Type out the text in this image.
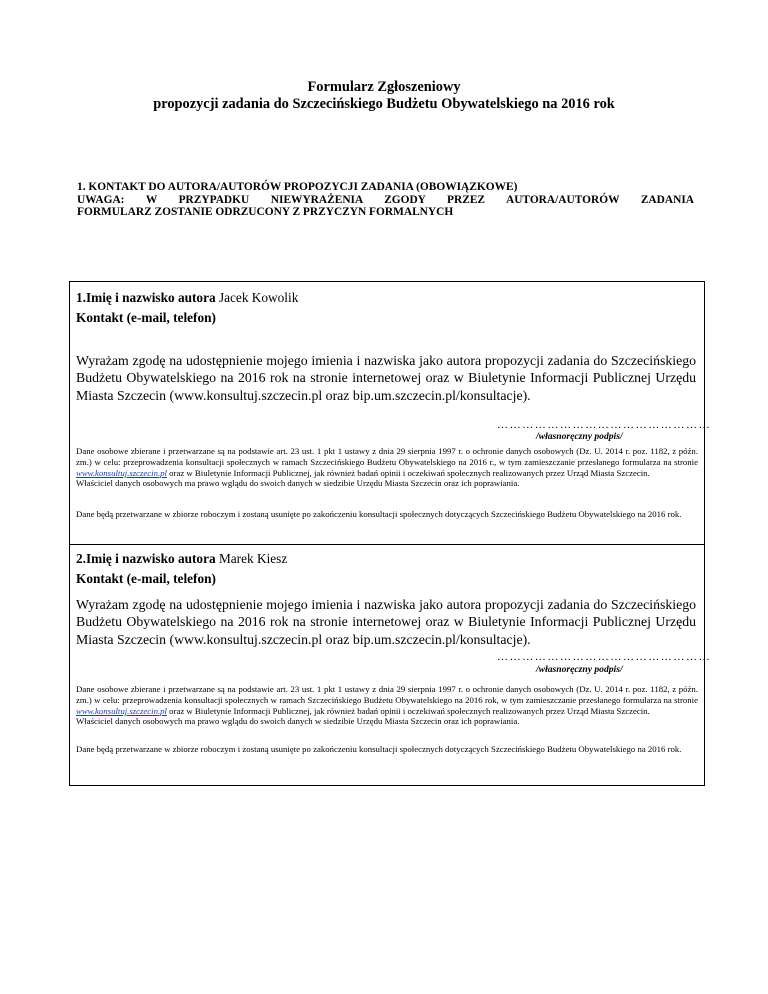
Formularz Zgłoszeniowy
propozycji zadania do Szczecińskiego Budżetu Obywatelskiego na 2016 rok
1. KONTAKT DO AUTORA/AUTORÓW PROPOZYCJI ZADANIA (OBOWIĄZKOWE)
UWAGA: W PRZYPADKU NIEWYRAŻENIA ZGODY PRZEZ AUTORA/AUTORÓW ZADANIA
FORMULARZ ZOSTANIE ODRZUCONY Z PRZYCZYN FORMALNYCH
1.Imię i nazwisko autora Jacek Kowolik
Kontakt (e-mail, telefon)
Wyrażam zgodę na udostępnienie mojego imienia i nazwiska jako autora propozycji zadania do Szczecińskiego Budżetu Obywatelskiego na 2016 rok na stronie internetowej oraz w Biuletynie Informacji Publicznej Urzędu Miasta Szczecin (www.konsultuj.szczecin.pl oraz bip.um.szczecin.pl/konsultacje).
……………………………………………
/własnoręczny podpis/

Dane osobowe zbierane i przetwarzane są na podstawie art. 23 ust. 1 pkt 1 ustawy z dnia 29 sierpnia 1997 r. o ochronie danych osobowych (Dz. U. 2014 r. poz. 1182, z późn. zm.) w celu: przeprowadzenia konsultacji społecznych w ramach Szczecińskiego Budżetu Obywatelskiego na 2016 r., w tym zamieszczanie przesłanego formularza na stronie www.konsultuj.szczecin.pl oraz w Biuletynie Informacji Publicznej, jak również badań opinii i oczekiwań społecznych realizowanych przez Urząd Miasta Szczecin.

Właściciel danych osobowych ma prawo wglądu do swoich danych w siedzibie Urzędu Miasta Szczecin oraz ich poprawiania.

Dane będą przetwarzane w zbiorze roboczym i zostaną usunięte po zakończeniu konsultacji społecznych dotyczących Szczecińskiego Budżetu Obywatelskiego na 2016 rok.
2.Imię i nazwisko autora Marek Kiesz
Kontakt (e-mail, telefon)
Wyrażam zgodę na udostępnienie mojego imienia i nazwiska jako autora propozycji zadania do Szczecińskiego Budżetu Obywatelskiego na 2016 rok na stronie internetowej oraz w Biuletynie Informacji Publicznej Urzędu Miasta Szczecin (www.konsultuj.szczecin.pl oraz bip.um.szczecin.pl/konsultacje).
……………………………………………
/własnoręczny podpis/

Dane osobowe zbierane i przetwarzane są na podstawie art. 23 ust. 1 pkt 1 ustawy z dnia 29 sierpnia 1997 r. o ochronie danych osobowych (Dz. U. 2014 r. poz. 1182, z późn. zm.) w celu: przeprowadzenia konsultacji społecznych w ramach Szczecińskiego Budżetu Obywatelskiego na 2016 rok, w tym zamieszczanie przesłanego formularza na stronie www.konsultuj.szczecin.pl oraz w Biuletynie Informacji Publicznej, jak również badań opinii i oczekiwań społecznych realizowanych przez Urząd Miasta Szczecin.

Właściciel danych osobowych ma prawo wglądu do swoich danych w siedzibie Urzędu Miasta Szczecin oraz ich poprawiania.

Dane będą przetwarzane w zbiorze roboczym i zostaną usunięte po zakończeniu konsultacji społecznych dotyczących Szczecińskiego Budżetu Obywatelskiego na 2016 rok.
